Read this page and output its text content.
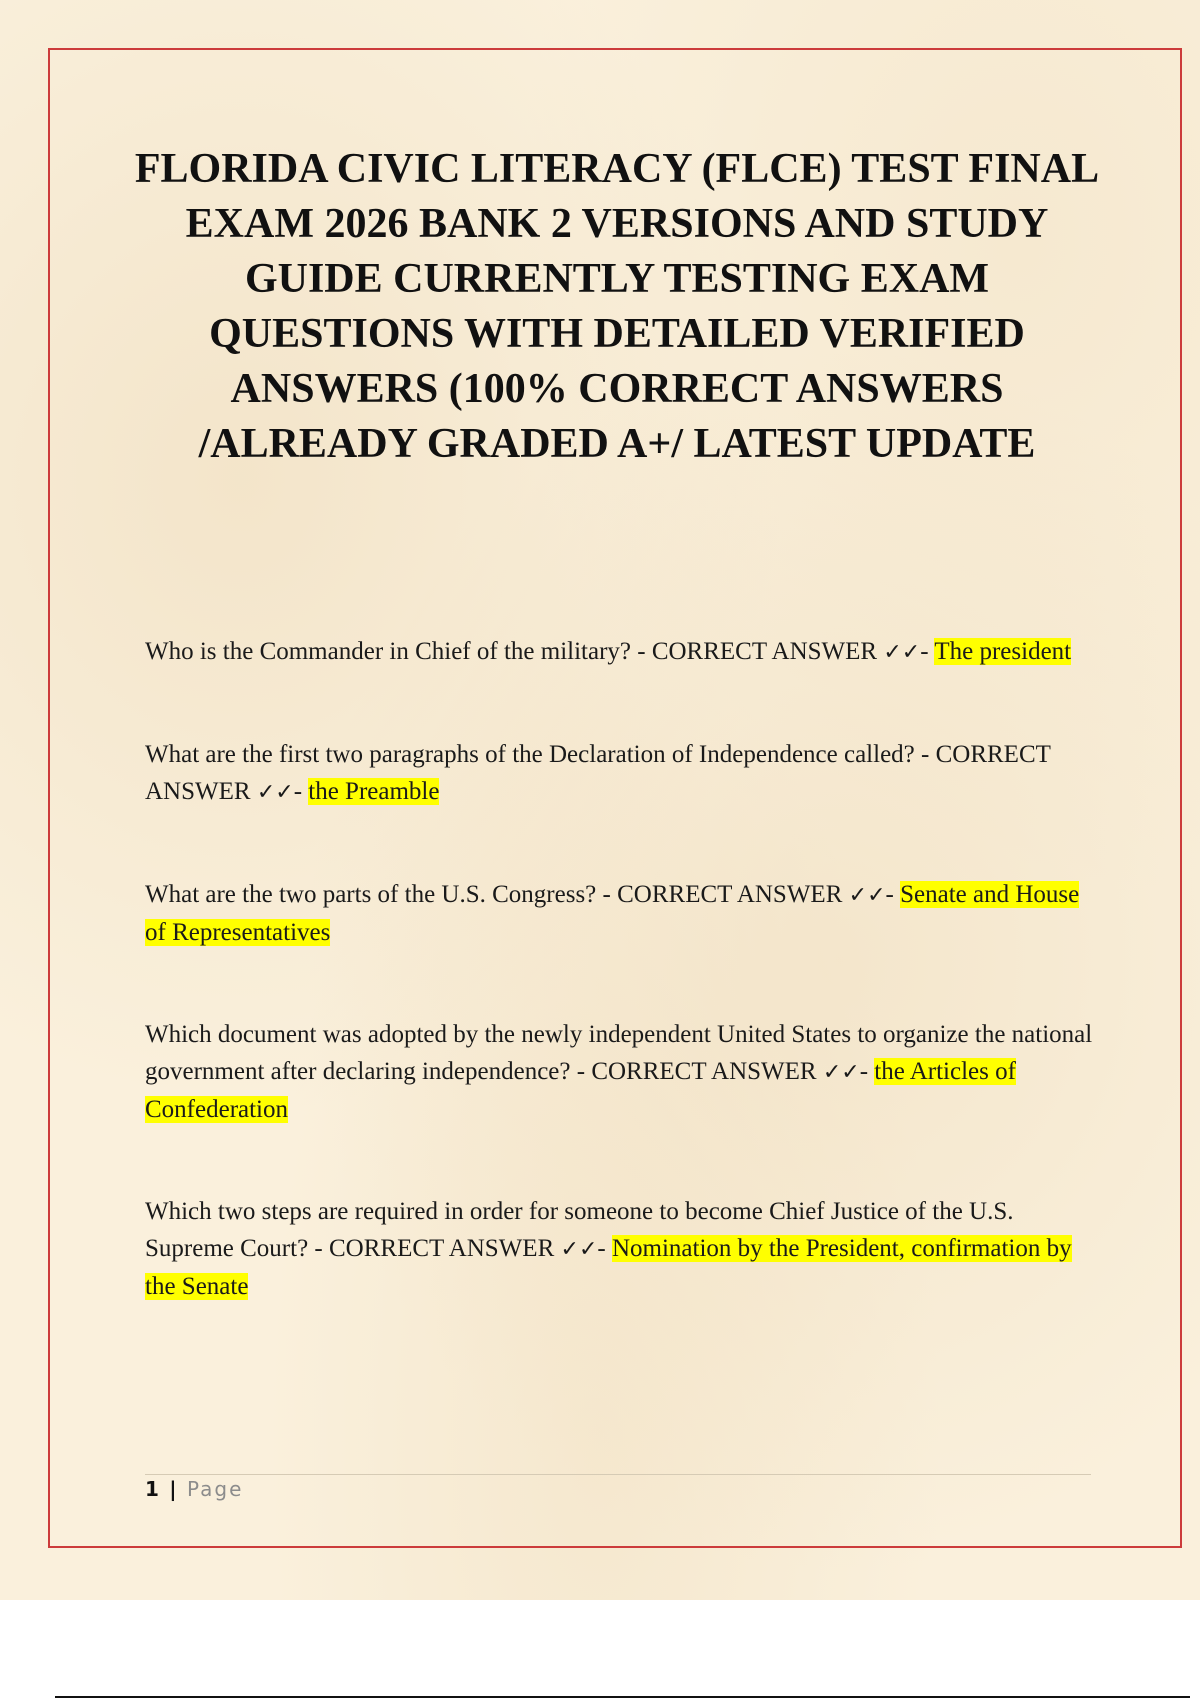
FLORIDA CIVIC LITERACY (FLCE) TEST FINAL EXAM 2026 BANK 2 VERSIONS AND STUDY GUIDE CURRENTLY TESTING EXAM QUESTIONS WITH DETAILED VERIFIED ANSWERS (100% CORRECT ANSWERS /ALREADY GRADED A+/ LATEST UPDATE

Who is the Commander in Chief of the military? - CORRECT ANSWER ✓✓- The president

What are the first two paragraphs of the Declaration of Independence called? - CORRECT ANSWER ✓✓- the Preamble

What are the two parts of the U.S. Congress? - CORRECT ANSWER ✓✓- Senate and House of Representatives

Which document was adopted by the newly independent United States to organize the national government after declaring independence? - CORRECT ANSWER ✓✓- the Articles of Confederation

Which two steps are required in order for someone to become Chief Justice of the U.S. Supreme Court? - CORRECT ANSWER ✓✓- Nomination by the President, confirmation by the Senate

1 | Page
